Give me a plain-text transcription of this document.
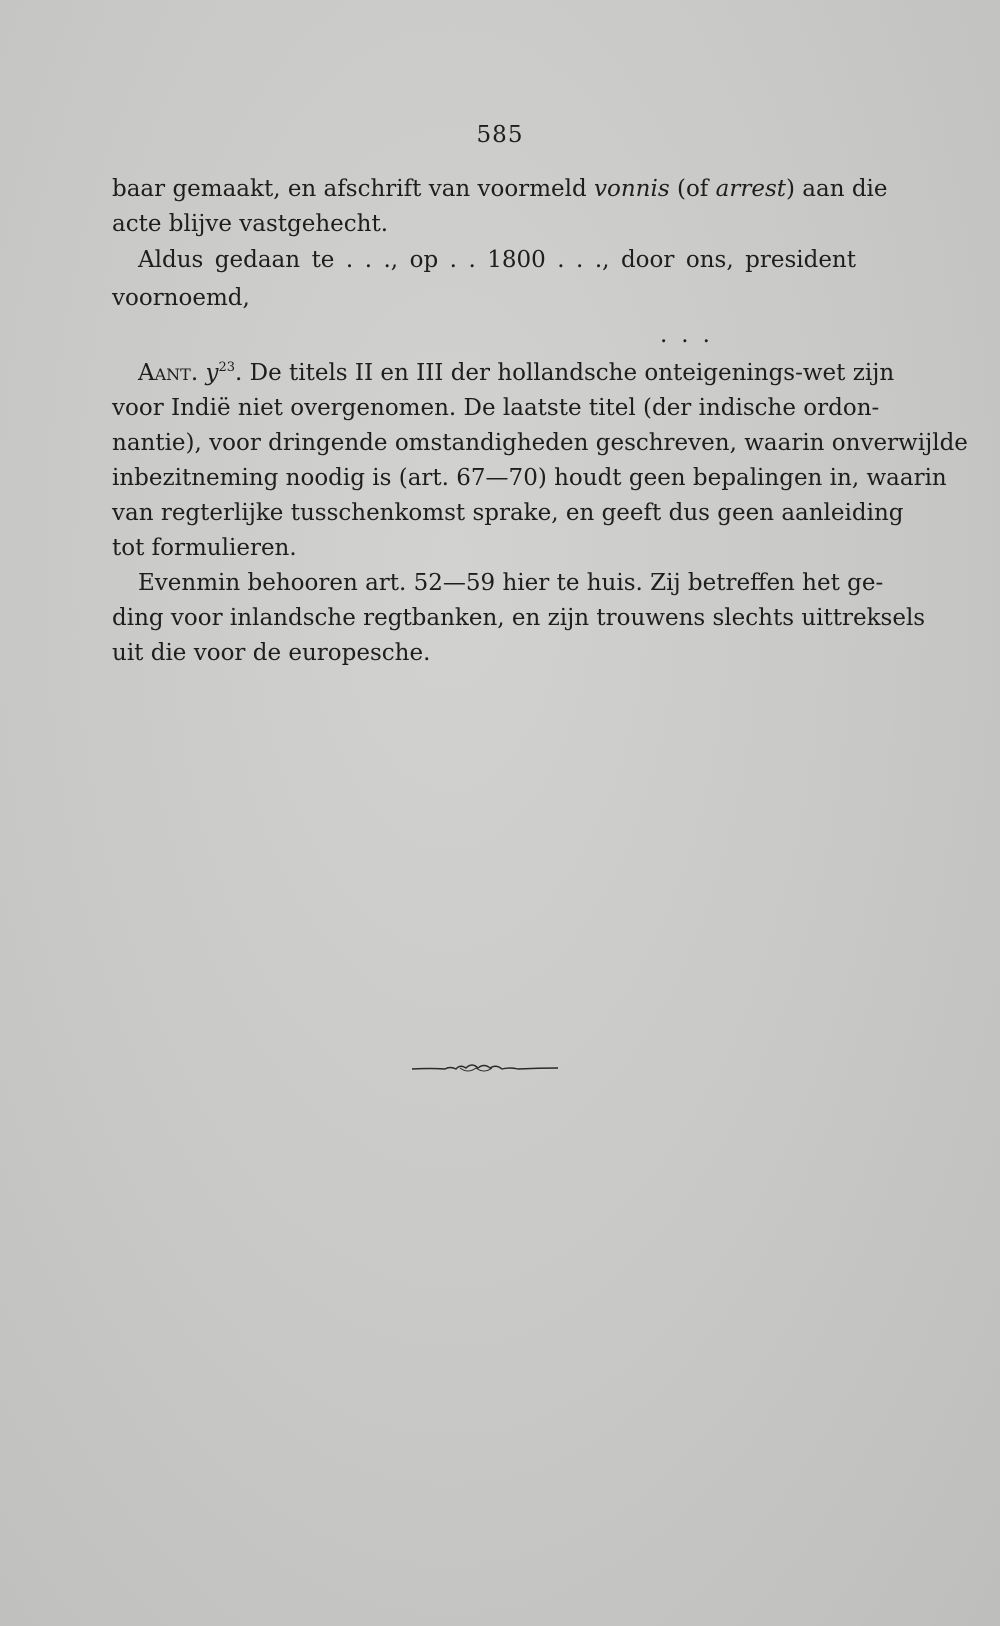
585
baar gemaakt, en afschrift van voormeld vonnis (of arrest) aan die
acte blijve vastgehecht.
Aldus gedaan te . . ., op . . 1800 . . ., door ons, president
voornoemd,
...
Aant. $y^{23}$. De titels II en III der hollandsche onteigenings-wet zijn
voor Indië niet overgenomen. De laatste titel (der indische ordon-
nantie), voor dringende omstandigheden geschreven, waarin onverwijlde
inbezitneming noodig is (art. 67—70) houdt geen bepalingen in, waarin
van regterlijke tusschenkomst sprake, en geeft dus geen aanleiding
tot formulieren.
Evenmin behooren art. 52—59 hier te huis. Zij betreffen het ge-
ding voor inlandsche regtbanken, en zijn trouwens slechts uittreksels
uit die voor de europesche.
